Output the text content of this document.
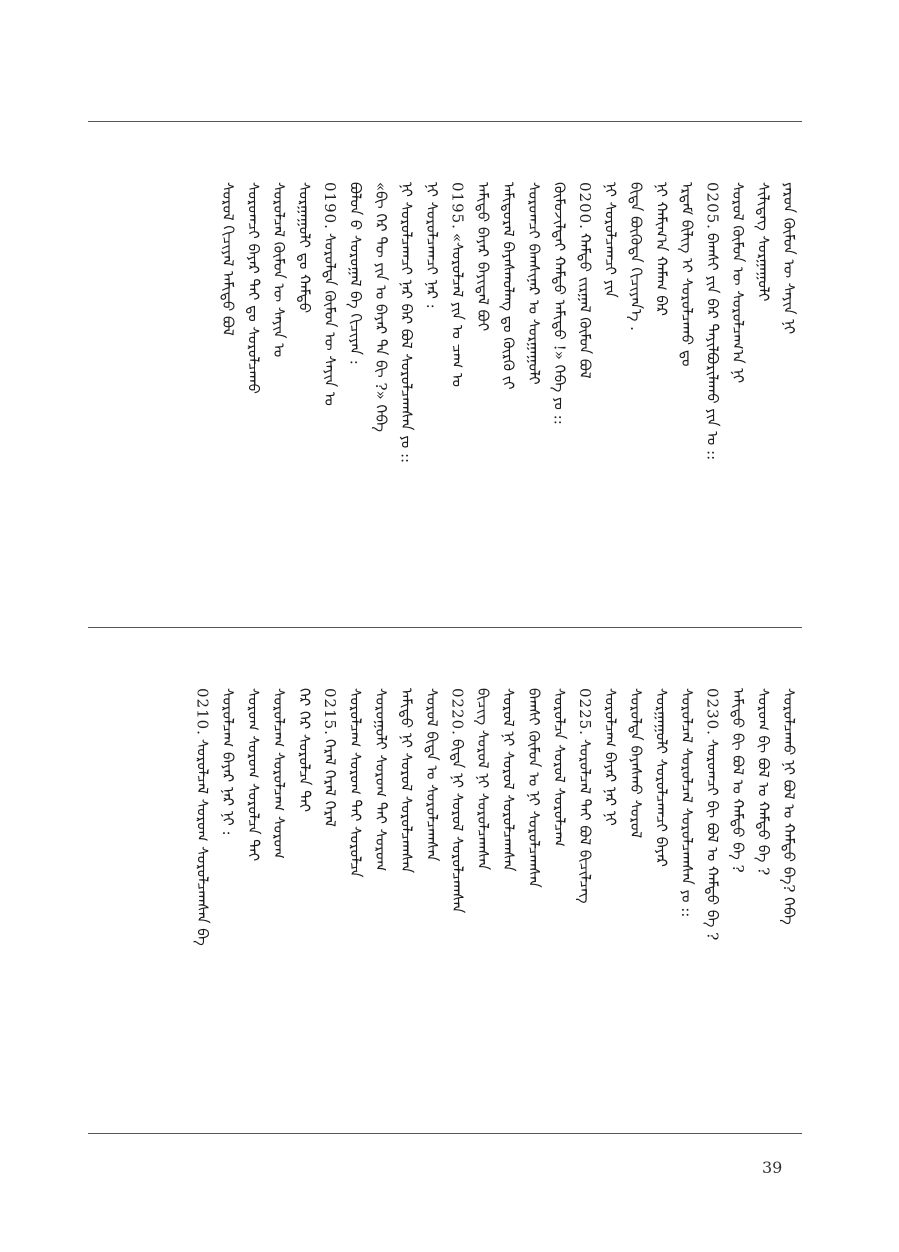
ᠶᠡᠷᠦᠨ ᠬᠦᠮᠦᠨ ᠦ ᠰᠠᠶᠢᠨ ᠨᠢ
ᠰᠢᠯᠢᠳᠡᠭ ᠰᠤᠷᠭᠠᠭᠤᠯᠢ
ᠰᠤᠷᠤᠯ ᠬᠦᠮᠦᠨ ᠦ ᠰᠤᠷᠤᠯᠴᠠᠭ᠎ᠠ ᠨᠢ
0205.ᠪᠠᠭᠰᠢ ᠶᠢᠨ ᠪᠠᠷ ᠲᠠᠶᠢᠯᠪᠤᠷᠢᠯᠠᠬᠤ ᠶᠢᠨ ᠤ ::
ᠡᠷᠳᠡᠮ ᠪᠢᠯᠢᠭ ᠢ ᠰᠤᠷᠤᠯᠴᠠᠬᠤ ᠳᠤ
ᠨᠢ ᠬᠠᠮᠢᠭ᠎ᠠ ᠬᠠᠮᠠᠭ ᠪᠡᠷ
ᠪᠢᠳᠡ ᠪᠦᠭᠦᠳᠡ ᠬᠢᠴᠢᠶᠡᠨ᠎ᠡ .
ᠨᠢ ᠰᠤᠷᠤᠯᠴᠠᠭᠴᠢ ᠶᠢᠨ
0200.ᠬᠠᠮᠲᠤ ᠵᠢᠷᠭᠠᠯ ᠬᠦᠮᠦᠨ ᠪᠤᠯ
ᠬᠦᠮᠦᠵᠢᠯᠲᠡᠢ ᠬᠠᠮᠲᠤ ᠠᠮᠢᠳᠤ !» ᠭᠡᠪᠡ ᠶᠤ ::
ᠰᠤᠷᠤᠭᠴᠢ ᠪᠠᠭᠰᠢᠨᠠᠷ ᠤ ᠰᠤᠷᠭᠠᠭᠤᠯᠢ
ᠠᠮᠢᠳᠤᠷᠠᠯ ᠪᠠᠶᠠᠰᠬᠤᠯᠠᠩ ᠳᠤ ᠬᠦᠷᠬᠦ ᠵᠢ
ᠠᠮᠢᠳᠤ ᠪᠠᠶᠠᠷ ᠪᠠᠶᠢᠳᠠᠯ ᠪᠤᠢ
0195.«ᠰᠤᠷᠤᠯᠴᠠᠯ ᠶᠢᠨ ᠤ ᠴᠠᠭ ᠤ
ᠨᠢ ᠰᠤᠷᠤᠯᠴᠠᠭᠴᠢ ᠨᠠᠷ :
ᠨᠢ ᠰᠤᠷᠤᠯᠴᠠᠭᠴᠢ ᠨᠠᠷ ᠪᠡᠷ ᠪᠤᠯ ᠰᠤᠷᠤᠯᠴᠠᠭᠰᠠᠨ ᠶᠤ ::
«ᠪᠢ ᠭᠡᠷ ᠲᠦ ᠶᠢᠨ ᠤ ᠪᠠᠶᠠᠷ ᠲᠠ ᠪᠢ ?» ᠭᠡᠪᠡ
ᠪᠤᠯᠤᠨ ᠪ ᠰᠤᠷᠤᠭᠠᠯ ᠪᠡ ᠬᠢᠴᠢᠶᠡᠨ :
0190.ᠰᠤᠷᠤᠯᠲᠠ ᠬᠦᠮᠦᠨ ᠦ ᠰᠠᠶᠢᠨ ᠤ
ᠰᠤᠷᠭᠠᠭᠤᠯᠢ ᠳᠤ ᠬᠠᠮᠲᠤ
ᠰᠤᠷᠤᠯᠴᠠᠯ ᠬᠦᠮᠦᠨ ᠦ ᠰᠠᠶᠢᠨ ᠤ
ᠰᠤᠷᠤᠭᠴᠢ ᠪᠠᠶᠠᠷ ᠲᠠᠢ ᠳᠤ ᠰᠤᠷᠤᠯᠴᠠᠬᠤ
ᠰᠤᠷᠤᠯ ᠬᠢᠴᠢᠶᠡᠯ ᠠᠮᠢᠳᠤ ᠪᠤᠯ
ᠰᠤᠷᠤᠯᠴᠠᠬᠤ ᠨᠢ ᠪᠤᠯ ᠤ ᠬᠠᠮᠲᠤ ᠪᠡ? ᠭᠡᠪᠡ
ᠰᠤᠷᠤᠭ ᠪᠢ ᠪᠤᠯ ᠤ ᠬᠠᠮᠲᠤ ᠪᠡ ?
ᠠᠮᠢᠳᠤ ᠪᠢ ᠪᠤᠯ ᠤ ᠬᠠᠮᠲᠤ ᠪᠡ ?
0230.ᠰᠤᠷᠤᠭᠴᠢ ᠪᠢ ᠪᠤᠯ ᠤ ᠬᠠᠮᠲᠤ ᠪᠡ ?
ᠰᠤᠷᠤᠯᠴᠠᠯ ᠰᠤᠷᠤᠯᠴᠠᠯ ᠰᠤᠷᠤᠯᠴᠠᠭᠰᠠᠨ ᠶᠤ ::
ᠰᠤᠷᠭᠠᠭᠤᠯᠢ ᠰᠤᠷᠤᠯᠴᠠᠭᠴᠢ ᠪᠠᠶᠠᠷ
ᠰᠤᠷᠤᠯᠲᠠ ᠪᠠᠶᠠᠰᠬᠤ ᠰᠤᠷᠤᠯ
ᠰᠤᠷᠤᠯᠴᠠᠭ ᠪᠠᠶᠠᠷ ᠨᠠᠷ ᠨᠢ
0225.ᠰᠤᠷᠤᠯᠴᠠᠯ ᠲᠠᠢ ᠪᠤᠯ ᠪᠢᠴᠢᠯᠴᠡᠭ
ᠰᠤᠷᠤᠯᠴᠠ ᠰᠤᠷᠤᠯ ᠰᠤᠷᠤᠯᠴᠠᠭ
ᠪᠠᠭᠰᠢ ᠬᠦᠮᠦᠨ ᠤ ᠨᠢ ᠰᠤᠷᠤᠯᠴᠠᠭᠰᠠᠨ
ᠰᠤᠷᠤᠯ ᠨᠢ ᠰᠤᠷᠤᠯ ᠰᠤᠷᠤᠯᠴᠠᠭᠰᠠᠨ
ᠪᠢᠴᠢᠭ ᠰᠤᠷᠤᠯ ᠨᠢ ᠰᠤᠷᠤᠯᠴᠠᠭᠰᠠᠨ
0220.ᠪᠢᠳᠡ ᠨᠢ ᠰᠤᠷᠤᠯ ᠰᠤᠷᠤᠯᠴᠠᠭᠰᠠᠨ
ᠰᠤᠷᠤᠯ ᠪᠢᠳᠡ ᠤ ᠰᠤᠷᠤᠯᠴᠠᠭᠰᠠᠨ
ᠠᠮᠢᠳᠤ ᠨᠢ ᠰᠤᠷᠤᠯ ᠰᠤᠷᠤᠯᠴᠠᠭᠰᠠᠨ
ᠰᠤᠷᠤᠭᠤᠯᠢ ᠰᠤᠷᠤᠭ ᠲᠠᠢ ᠰᠤᠷᠤᠭ
ᠰᠤᠷᠤᠯᠴᠠᠭ ᠰᠤᠷᠤᠭ ᠲᠠᠢ ᠰᠤᠷᠤᠯᠴᠠ
0215.ᠭᠡᠷᠡᠯ ᠭᠡᠷᠡᠯ ᠭᠡᠷᠡᠯ
ᠭᠡᠷ ᠭᠡᠷ ᠰᠤᠷᠤᠯᠴᠠ ᠲᠠᠢ
ᠰᠤᠷᠤᠯᠴᠠᠭ ᠰᠤᠷᠤᠯᠴᠠᠭ ᠰᠤᠷᠤᠭ
ᠰᠤᠷᠤᠭ ᠰᠤᠷᠤᠭ ᠰᠤᠷᠤᠯᠴᠠ ᠲᠠᠢ
ᠰᠤᠷᠤᠯᠴᠠᠭ ᠪᠠᠶᠠᠷ ᠨᠠᠷ ᠨᠢ :
0210.ᠰᠤᠷᠤᠯᠴᠠᠯ ᠰᠤᠷᠤᠭ ᠰᠤᠷᠤᠯᠴᠠᠭᠰᠠᠨ ᠪᠡ
39
